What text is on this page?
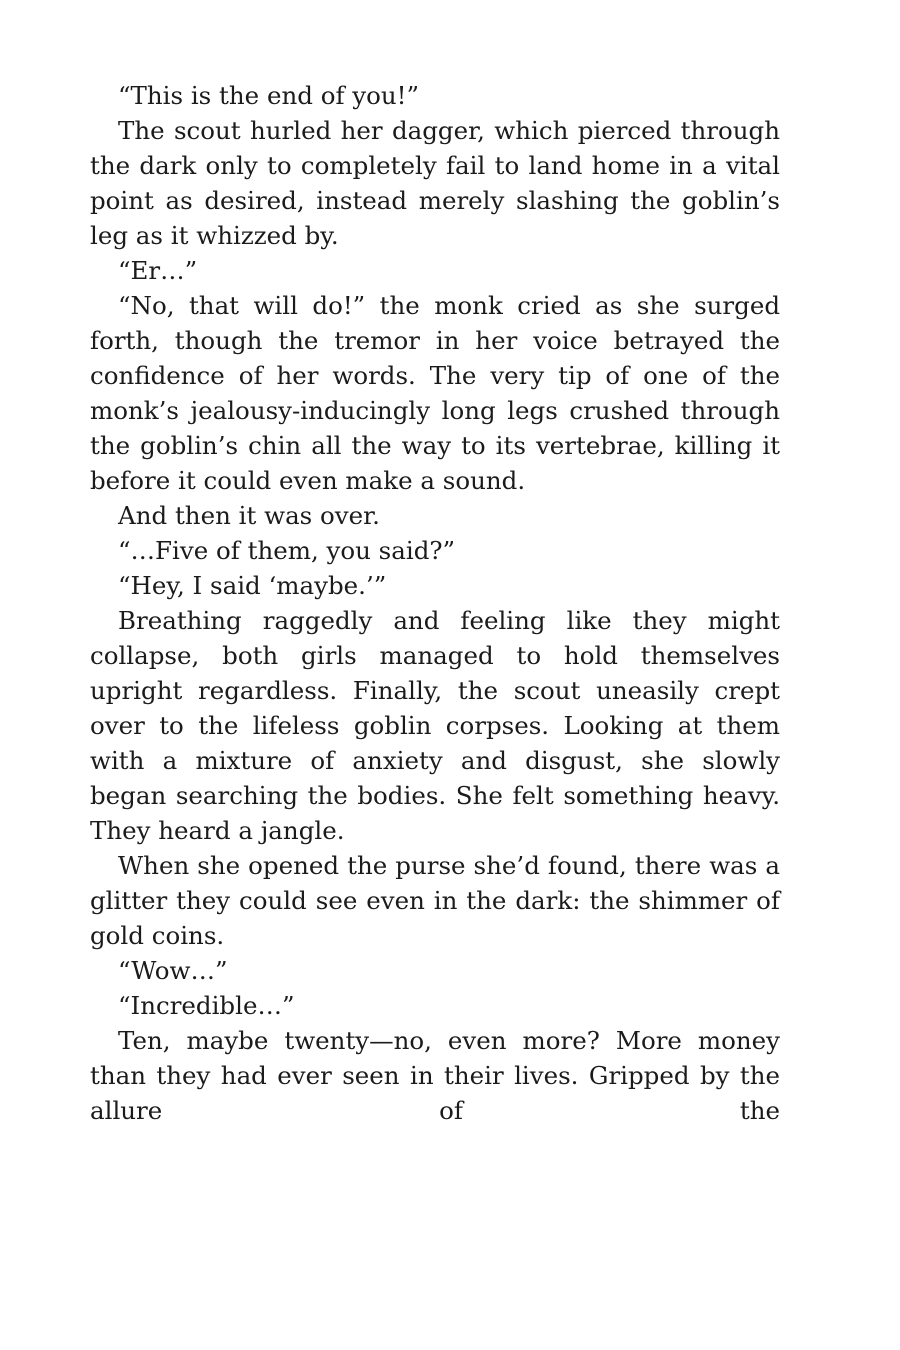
“This is the end of you!”

The scout hurled her dagger, which pierced through the dark only to completely fail to land home in a vital point as desired, instead merely slashing the goblin’s leg as it whizzed by.

“Er…”

“No, that will do!” the monk cried as she surged forth, though the tremor in her voice betrayed the confidence of her words. The very tip of one of the monk’s jealousy-inducingly long legs crushed through the goblin’s chin all the way to its vertebrae, killing it before it could even make a sound.

And then it was over.

“…Five of them, you said?”

“Hey, I said ‘maybe.’”

Breathing raggedly and feeling like they might collapse, both girls managed to hold themselves upright regardless. Finally, the scout uneasily crept over to the lifeless goblin corpses. Looking at them with a mixture of anxiety and disgust, she slowly began searching the bodies. She felt something heavy. They heard a jangle.

When she opened the purse she’d found, there was a glitter they could see even in the dark: the shimmer of gold coins.

“Wow…”

“Incredible…”

Ten, maybe twenty—no, even more? More money than they had ever seen in their lives. Gripped by the allure of the
